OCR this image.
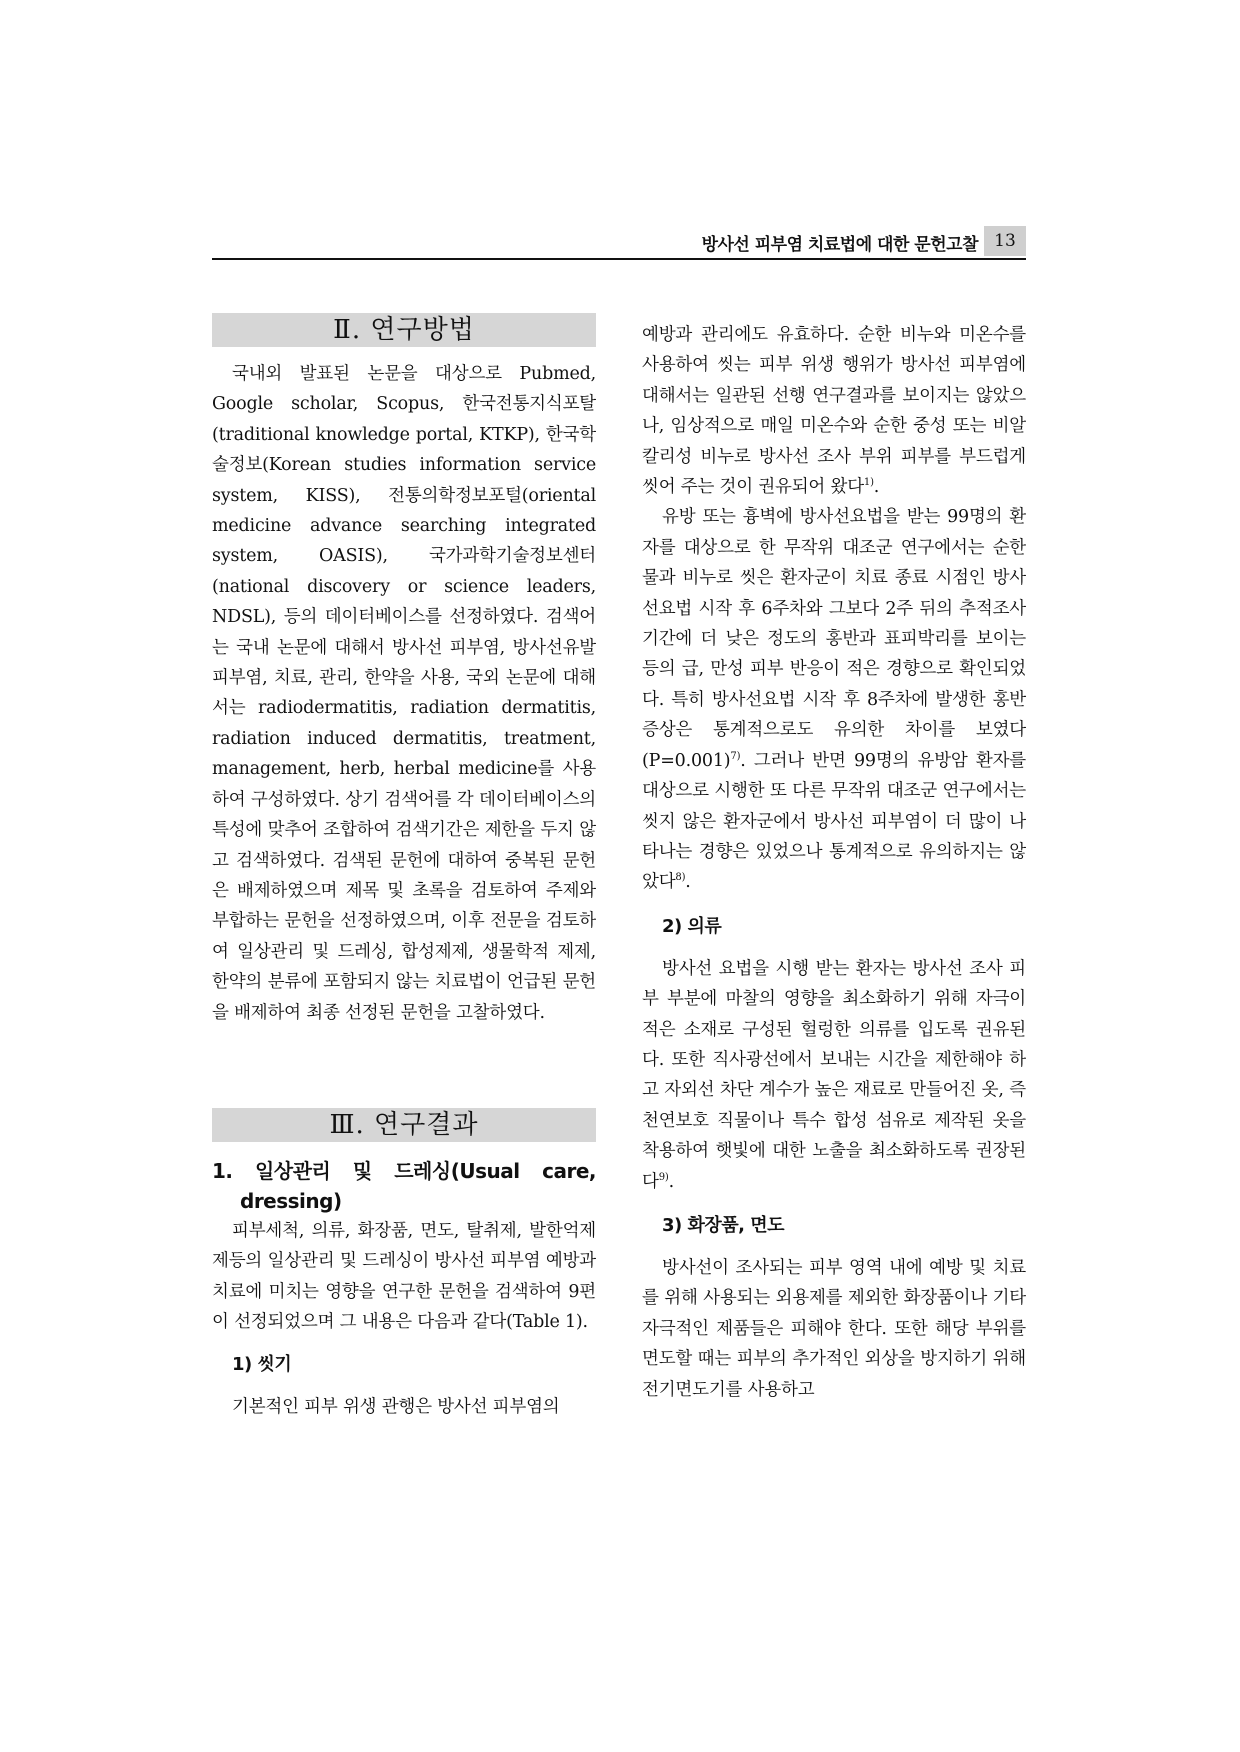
방사선 피부염 치료법에 대한 문헌고찰 13
Ⅱ. 연구방법

국내외 발표된 논문을 대상으로 Pubmed, Google scholar, Scopus, 한국전통지식포탈(traditional knowledge portal, KTKP), 한국학술정보(Korean studies information service system, KISS), 전통의학정보포털(oriental medicine advance searching integrated system, OASIS), 국가과학기술정보센터(national discovery or science leaders, NDSL), 등의 데이터베이스를 선정하였다. 검색어는 국내 논문에 대해서 방사선 피부염, 방사선유발피부염, 치료, 관리, 한약을 사용, 국외 논문에 대해서는 radiodermatitis, radiation dermatitis, radiation induced dermatitis, treatment, management, herb, herbal medicine를 사용하여 구성하였다. 상기 검색어를 각 데이터베이스의 특성에 맞추어 조합하여 검색기간은 제한을 두지 않고 검색하였다. 검색된 문헌에 대하여 중복된 문헌은 배제하였으며 제목 및 초록을 검토하여 주제와 부합하는 문헌을 선정하였으며, 이후 전문을 검토하여 일상관리 및 드레싱, 합성제제, 생물학적 제제, 한약의 분류에 포함되지 않는 치료법이 언급된 문헌을 배제하여 최종 선정된 문헌을 고찰하였다.

Ⅲ. 연구결과
1. 일상관리 및 드레싱(Usual care, dressing)

피부세척, 의류, 화장품, 면도, 탈취제, 발한억제제등의 일상관리 및 드레싱이 방사선 피부염 예방과 치료에 미치는 영향을 연구한 문헌을 검색하여 9편이 선정되었으며 그 내용은 다음과 같다(Table 1).

1) 씻기

기본적인 피부 위생 관행은 방사선 피부염의

예방과 관리에도 유효하다. 순한 비누와 미온수를 사용하여 씻는 피부 위생 행위가 방사선 피부염에 대해서는 일관된 선행 연구결과를 보이지는 않았으나, 임상적으로 매일 미온수와 순한 중성 또는 비알칼리성 비누로 방사선 조사 부위 피부를 부드럽게 씻어 주는 것이 권유되어 왔다$^{1)}$.

유방 또는 흉벽에 방사선요법을 받는 99명의 환자를 대상으로 한 무작위 대조군 연구에서는 순한 물과 비누로 씻은 환자군이 치료 종료 시점인 방사선요법 시작 후 6주차와 그보다 2주 뒤의 추적조사 기간에 더 낮은 정도의 홍반과 표피박리를 보이는 등의 급, 만성 피부 반응이 적은 경향으로 확인되었다. 특히 방사선요법 시작 후 8주차에 발생한 홍반 증상은 통계적으로도 유의한 차이를 보였다(P=0.001)$^{7)}$. 그러나 반면 99명의 유방암 환자를 대상으로 시행한 또 다른 무작위 대조군 연구에서는 씻지 않은 환자군에서 방사선 피부염이 더 많이 나타나는 경향은 있었으나 통계적으로 유의하지는 않았다$^{8)}$.

2) 의류

방사선 요법을 시행 받는 환자는 방사선 조사 피부 부분에 마찰의 영향을 최소화하기 위해 자극이 적은 소재로 구성된 헐렁한 의류를 입도록 권유된다. 또한 직사광선에서 보내는 시간을 제한해야 하고 자외선 차단 계수가 높은 재료로 만들어진 옷, 즉 천연보호 직물이나 특수 합성 섬유로 제작된 옷을 착용하여 햇빛에 대한 노출을 최소화하도록 권장된다$^{9)}$.

3) 화장품, 면도

방사선이 조사되는 피부 영역 내에 예방 및 치료를 위해 사용되는 외용제를 제외한 화장품이나 기타 자극적인 제품들은 피해야 한다. 또한 해당 부위를 면도할 때는 피부의 추가적인 외상을 방지하기 위해 전기면도기를 사용하고
